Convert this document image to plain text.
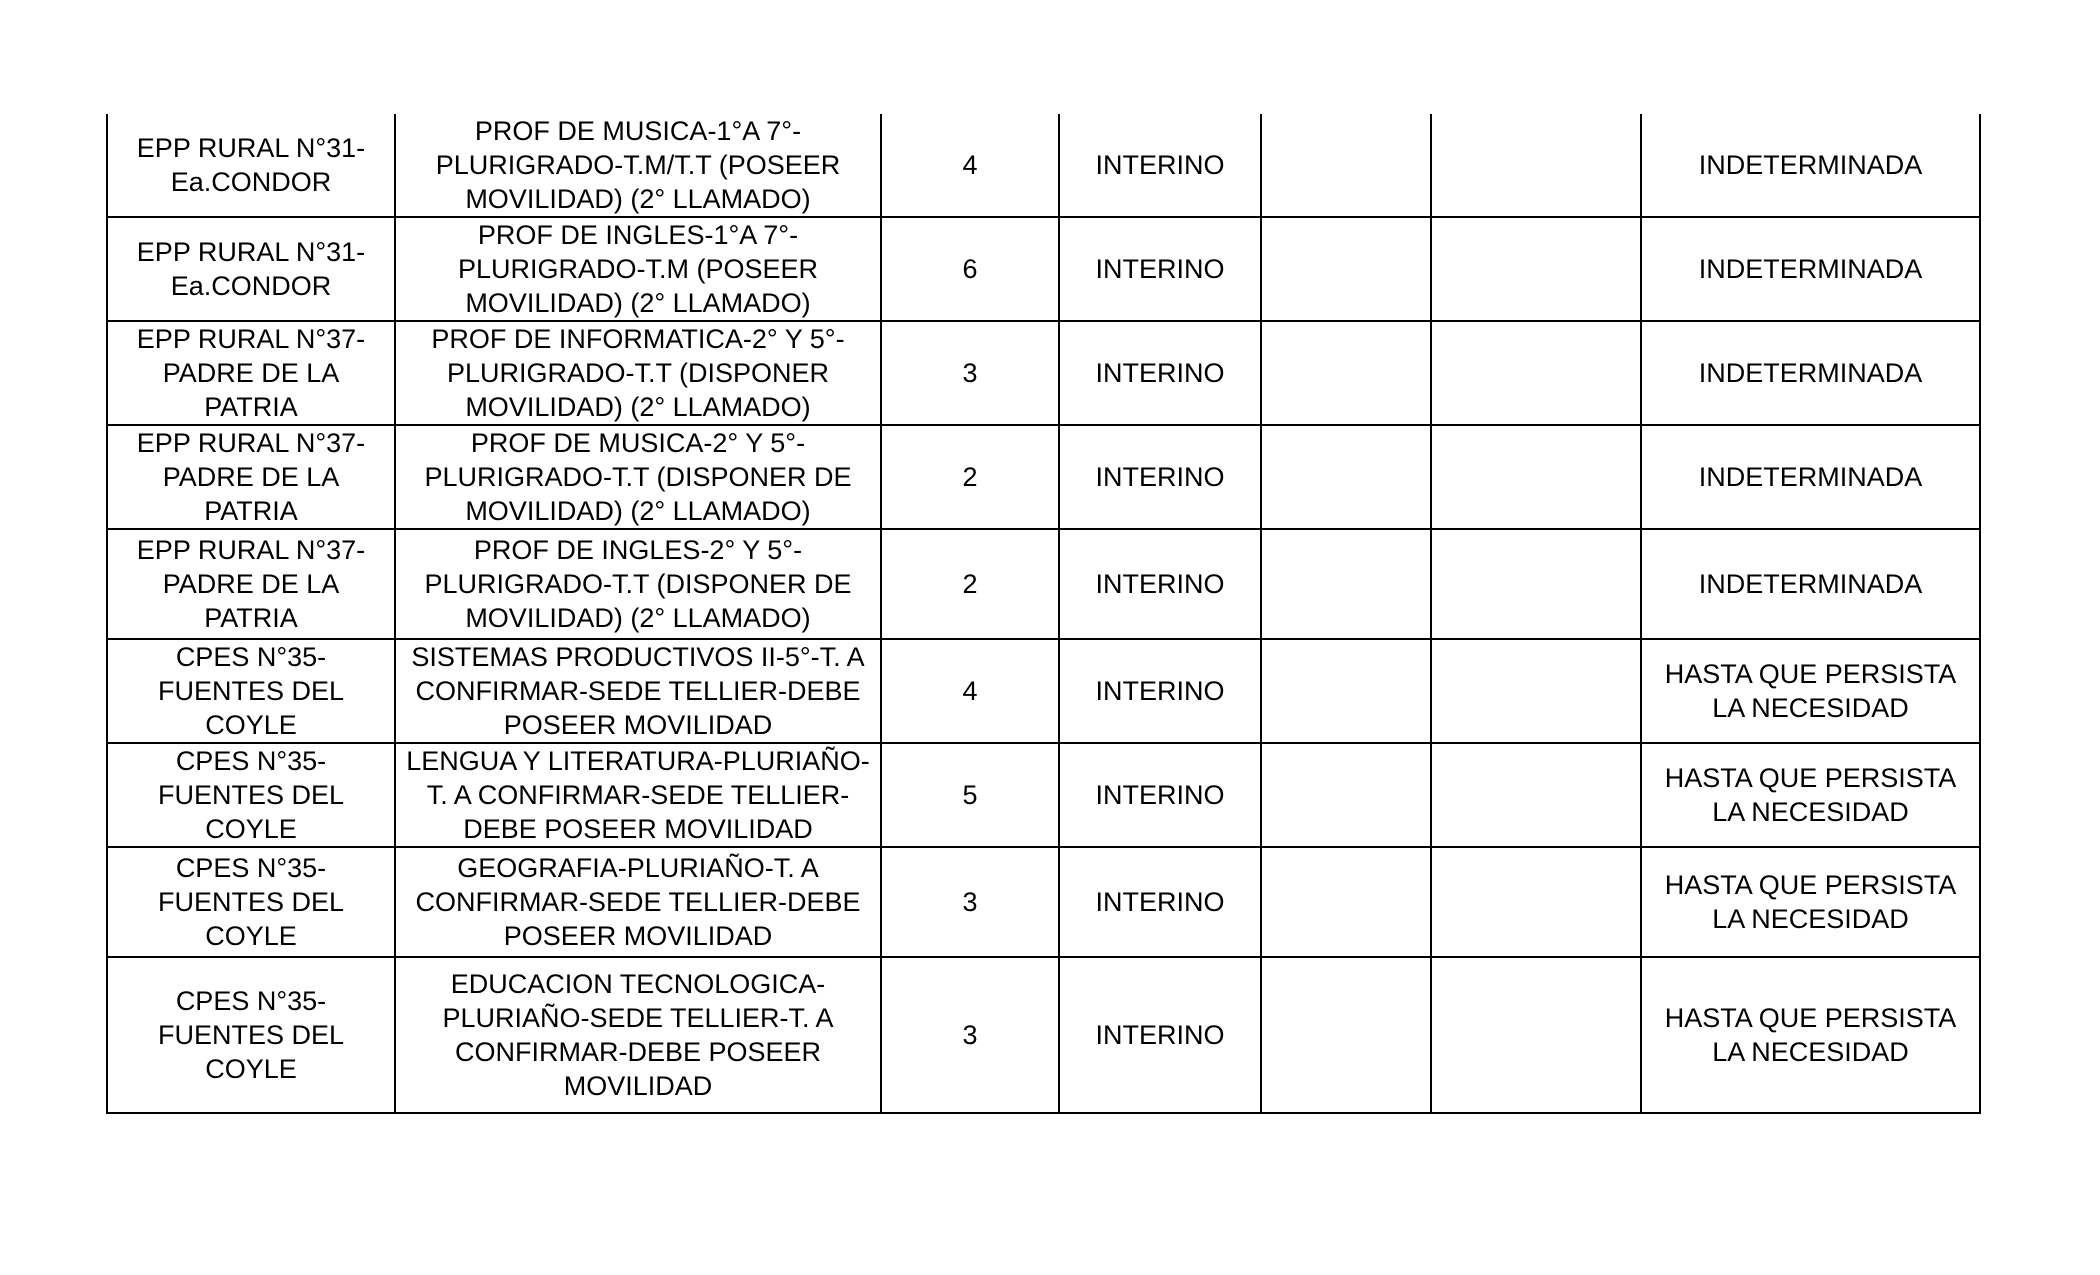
EPP RURAL N°31-
Ea.CONDOR	PROF DE MUSICA-1°A 7°-
PLURIGRADO-T.M/T.T (POSEER
MOVILIDAD) (2° LLAMADO)	4	INTERINO			INDETERMINADA
EPP RURAL N°31-
Ea.CONDOR	PROF DE INGLES-1°A 7°-
PLURIGRADO-T.M (POSEER
MOVILIDAD) (2° LLAMADO)	6	INTERINO			INDETERMINADA
EPP RURAL N°37-
PADRE DE LA
PATRIA	PROF DE INFORMATICA-2° Y 5°-
PLURIGRADO-T.T (DISPONER
MOVILIDAD) (2° LLAMADO)	3	INTERINO			INDETERMINADA
EPP RURAL N°37-
PADRE DE LA
PATRIA	PROF DE MUSICA-2° Y 5°-
PLURIGRADO-T.T (DISPONER DE
MOVILIDAD) (2° LLAMADO)	2	INTERINO			INDETERMINADA
EPP RURAL N°37-
PADRE DE LA
PATRIA	PROF DE INGLES-2° Y 5°-
PLURIGRADO-T.T (DISPONER DE
MOVILIDAD) (2° LLAMADO)	2	INTERINO			INDETERMINADA
CPES N°35-
FUENTES DEL
COYLE	SISTEMAS PRODUCTIVOS II-5°-T. A
CONFIRMAR-SEDE TELLIER-DEBE
POSEER MOVILIDAD	4	INTERINO			HASTA QUE PERSISTA
LA NECESIDAD
CPES N°35-
FUENTES DEL
COYLE	LENGUA Y LITERATURA-PLURIAÑO-
T. A CONFIRMAR-SEDE TELLIER-
DEBE POSEER MOVILIDAD	5	INTERINO			HASTA QUE PERSISTA
LA NECESIDAD
CPES N°35-
FUENTES DEL
COYLE	GEOGRAFIA-PLURIAÑO-T. A
CONFIRMAR-SEDE TELLIER-DEBE
POSEER MOVILIDAD	3	INTERINO			HASTA QUE PERSISTA
LA NECESIDAD
CPES N°35-
FUENTES DEL
COYLE	EDUCACION TECNOLOGICA-
PLURIAÑO-SEDE TELLIER-T. A
CONFIRMAR-DEBE POSEER
MOVILIDAD	3	INTERINO			HASTA QUE PERSISTA
LA NECESIDAD
